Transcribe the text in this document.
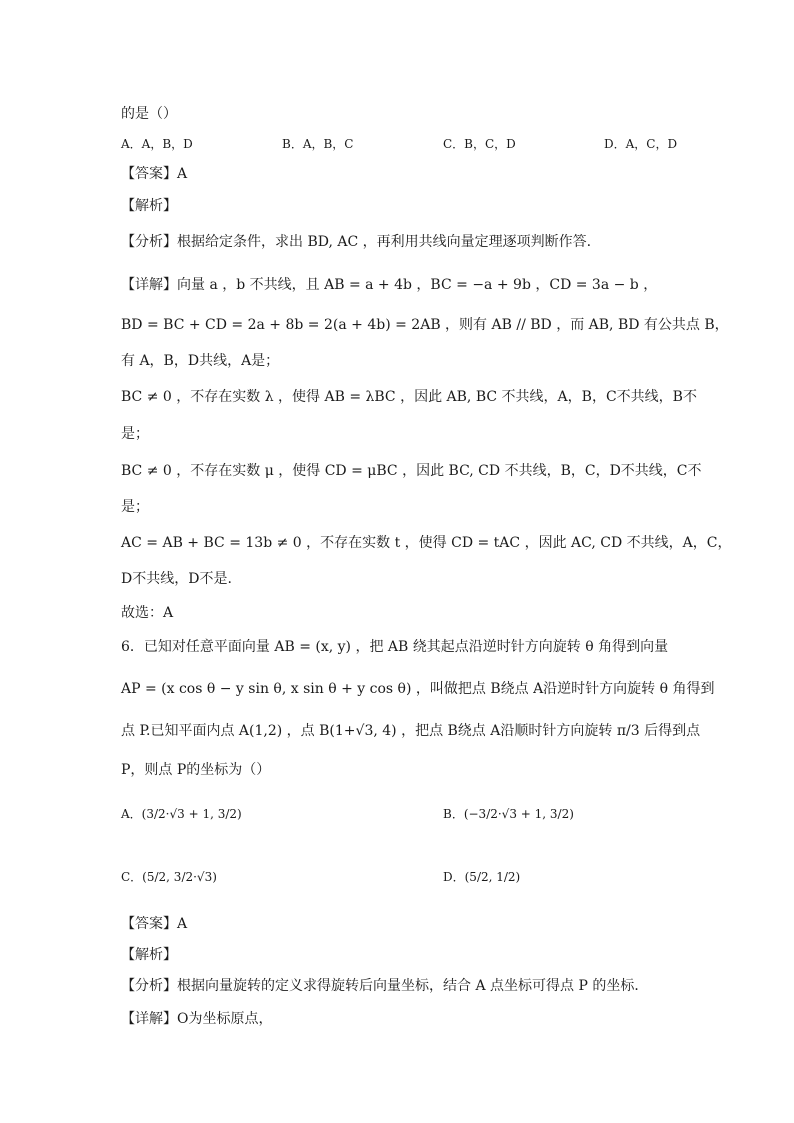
的是（）
A．A，B，D	B．A，B，C	C．B，C，D	D．A，C，D
【答案】A
【解析】
【分析】根据给定条件，求出 BD, AC ，再利用共线向量定理逐项判断作答.
【详解】向量 a ，b 不共线，且 AB = a + 4b ，BC = −a + 9b ，CD = 3a − b ，
BD = BC + CD = 2a + 8b = 2(a + 4b) = 2AB ，则有 AB // BD ，而 AB, BD 有公共点 B，
有 A，B，D共线，A是；
BC ≠ 0 ，不存在实数 λ ，使得 AB = λBC ，因此 AB, BC 不共线，A，B，C不共线，B不
是；
BC ≠ 0 ，不存在实数 μ ，使得 CD = μBC ，因此 BC, CD 不共线，B，C，D不共线，C不
是；
AC = AB + BC = 13b ≠ 0 ，不存在实数 t ，使得 CD = tAC ，因此 AC, CD 不共线，A，C，
D不共线，D不是.
故选：A
6．已知对任意平面向量 AB = (x, y) ，把 AB 绕其起点沿逆时针方向旋转 θ 角得到向量
AP = (x cos θ − y sin θ, x sin θ + y cos θ) ，叫做把点 B绕点 A沿逆时针方向旋转 θ 角得到
点 P.已知平面内点 A(1,2) ，点 B(1+√3, 4) ，把点 B绕点 A沿顺时针方向旋转 π/3 后得到点
P，则点 P的坐标为（）
A．(3/2·√3 + 1, 3/2)	B．(−3/2·√3 + 1, 3/2)
C．(5/2, 3/2·√3)	D．(5/2, 1/2)
【答案】A
【解析】
【分析】根据向量旋转的定义求得旋转后向量坐标，结合 A 点坐标可得点 P 的坐标．
【详解】O为坐标原点，
